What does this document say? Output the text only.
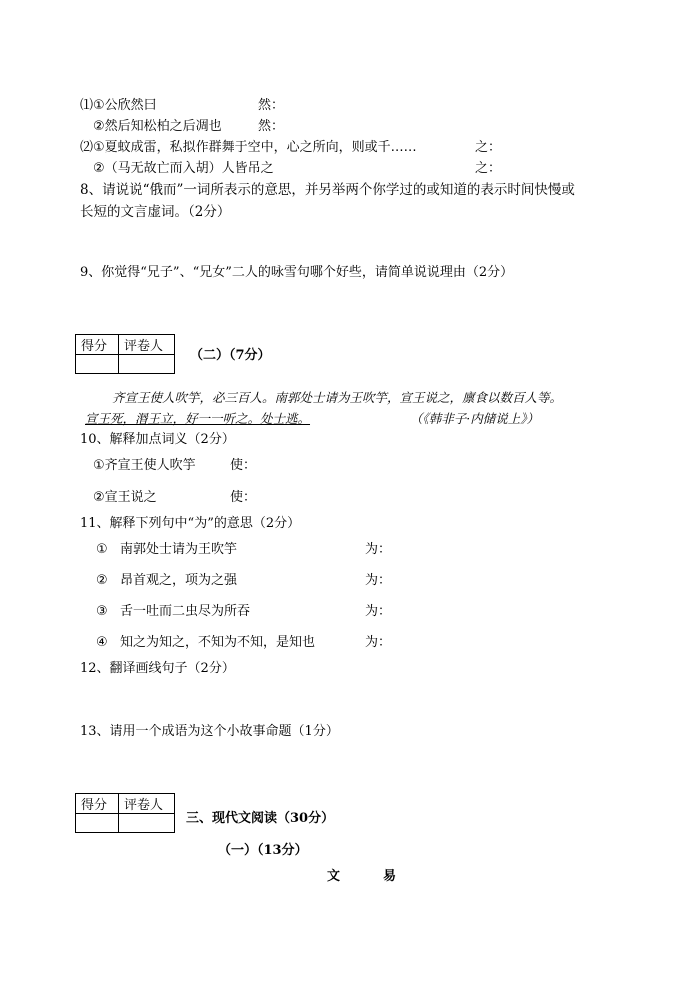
⑴①公欣然曰	然：
②然后知松柏之后凋也	然：
⑵①夏蚊成雷，私拟作群舞于空中，心之所向，则或千……	之：
②（马无故亡而入胡）人皆吊之	之：
8、请说说“俄而”一词所表示的意思，并另举两个你学过的或知道的表示时间快慢或
长短的文言虚词。（2分）
9、你觉得“兄子”、“兄女”二人的咏雪句哪个好些，请简单说说理由（2分）
得分	评卷人

（二）（7分）
齐宣王使人吹竽，必三百人。南郭处士请为王吹竽，宣王说之，廪食以数百人等。
宣王死，湣王立，好一一听之。处士逃。	（《韩非子·内储说上》）
10、解释加点词义（2分）
①齐宣王使人吹竽	使：
②宣王说之	使：
11、解释下列句中“为”的意思（2分）
① 南郭处士请为王吹竽	为：
② 昂首观之，项为之强	为：
③ 舌一吐而二虫尽为所吞	为：
④ 知之为知之，不知为不知，是知也	为：
12、翻译画线句子（2分）
13、请用一个成语为这个小故事命题（1分）
得分	评卷人

三、现代文阅读（30分）
（一）（13分）
文	易
